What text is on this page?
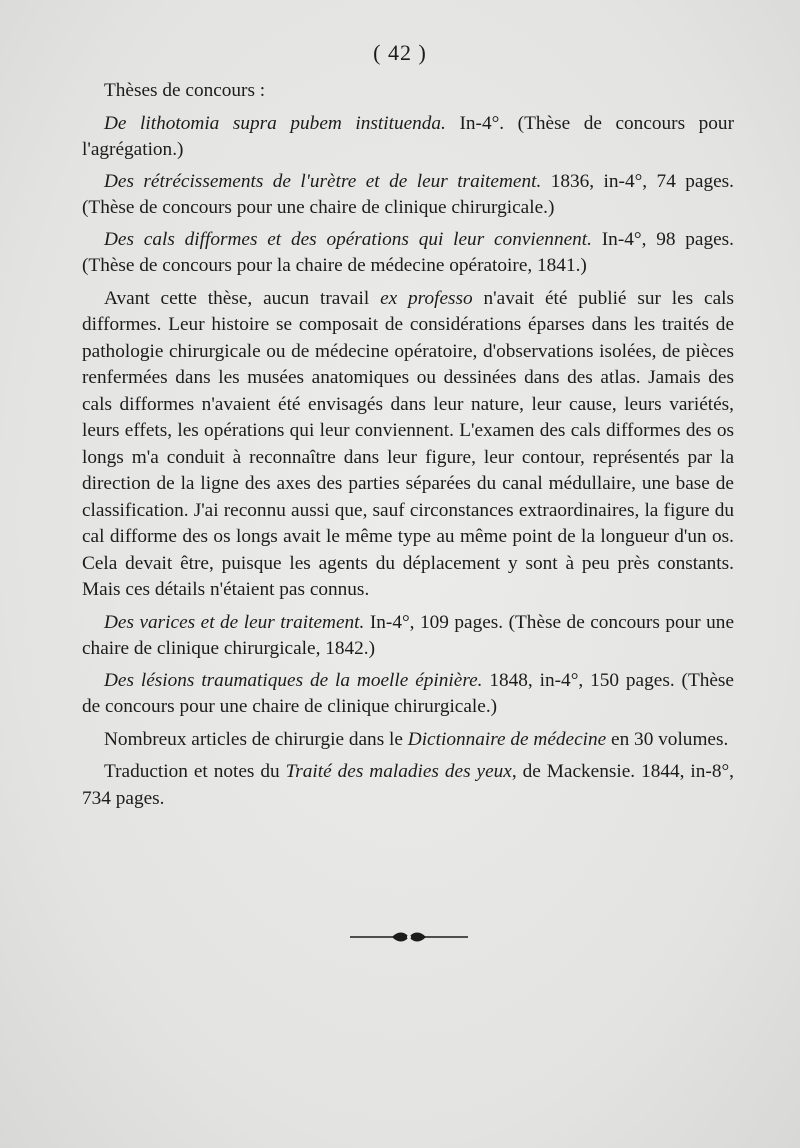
( 42 )

Thèses de concours :

De lithotomia supra pubem instituenda. In-4°. (Thèse de concours pour l'agrégation.)

Des rétrécissements de l'urètre et de leur traitement. 1836, in-4°, 74 pages. (Thèse de concours pour une chaire de clinique chirurgicale.)

Des cals difformes et des opérations qui leur conviennent. In-4°, 98 pages. (Thèse de concours pour la chaire de médecine opératoire, 1841.)

Avant cette thèse, aucun travail ex professo n'avait été publié sur les cals difformes. Leur histoire se composait de considérations éparses dans les traités de pathologie chirurgicale ou de médecine opératoire, d'observations isolées, de pièces renfermées dans les musées anatomiques ou dessinées dans des atlas. Jamais des cals difformes n'avaient été envisagés dans leur nature, leur cause, leurs variétés, leurs effets, les opérations qui leur conviennent. L'examen des cals difformes des os longs m'a conduit à reconnaître dans leur figure, leur contour, représentés par la direction de la ligne des axes des parties séparées du canal médullaire, une base de classification. J'ai reconnu aussi que, sauf circonstances extraordinaires, la figure du cal difforme des os longs avait le même type au même point de la longueur d'un os. Cela devait être, puisque les agents du déplacement y sont à peu près constants. Mais ces détails n'étaient pas connus.

Des varices et de leur traitement. In-4°, 109 pages. (Thèse de concours pour une chaire de clinique chirurgicale, 1842.)

Des lésions traumatiques de la moelle épinière. 1848, in-4°, 150 pages. (Thèse de concours pour une chaire de clinique chirurgicale.)

Nombreux articles de chirurgie dans le Dictionnaire de médecine en 30 volumes.

Traduction et notes du Traité des maladies des yeux, de Mackensie. 1844, in-8°, 734 pages.
